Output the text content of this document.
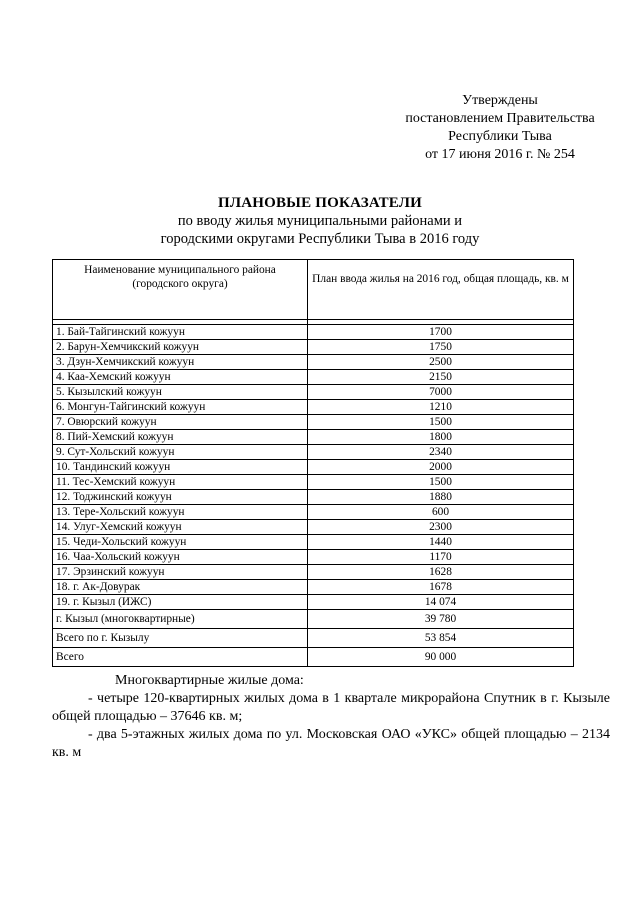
Утверждены
постановлением Правительства
Республики Тыва
от 17 июня 2016 г. № 254
ПЛАНОВЫЕ ПОКАЗАТЕЛИ
по вводу жилья муниципальными районами и
городскими округами Республики Тыва в 2016 году
Наименование муниципального района (городского округа)	План ввода жилья на 2016 год, общая площадь, кв. м

1. Бай-Тайгинский кожуун	1700
2. Барун-Хемчикский кожуун	1750
3. Дзун-Хемчикский кожуун	2500
4. Каа-Хемский кожуун	2150
5. Кызылский кожуун	7000
6. Монгун-Тайгинский кожуун	1210
7. Овюрский кожуун	1500
8. Пий-Хемский кожуун	1800
9. Сут-Хольский кожуун	2340
10. Тандинский кожуун	2000
11. Тес-Хемский кожуун	1500
12. Тоджинский кожуун	1880
13. Тере-Хольский кожуун	600
14. Улуг-Хемский кожуун	2300
15. Чеди-Хольский кожуун	1440
16. Чаа-Хольский кожуун	1170
17. Эрзинский кожуун	1628
18. г. Ак-Довурак	1678
19. г. Кызыл (ИЖС)	14 074
г. Кызыл (многоквартирные)	39 780
Всего по г. Кызылу	53 854
Всего	90 000
Многоквартирные жилые дома:
- четыре 120-квартирных жилых дома в 1 квартале микрорайона Спутник в г. Кызыле общей площадью – 37646 кв. м;
- два 5-этажных жилых дома по ул. Московская ОАО «УКС» общей площадью – 2134 кв. м
